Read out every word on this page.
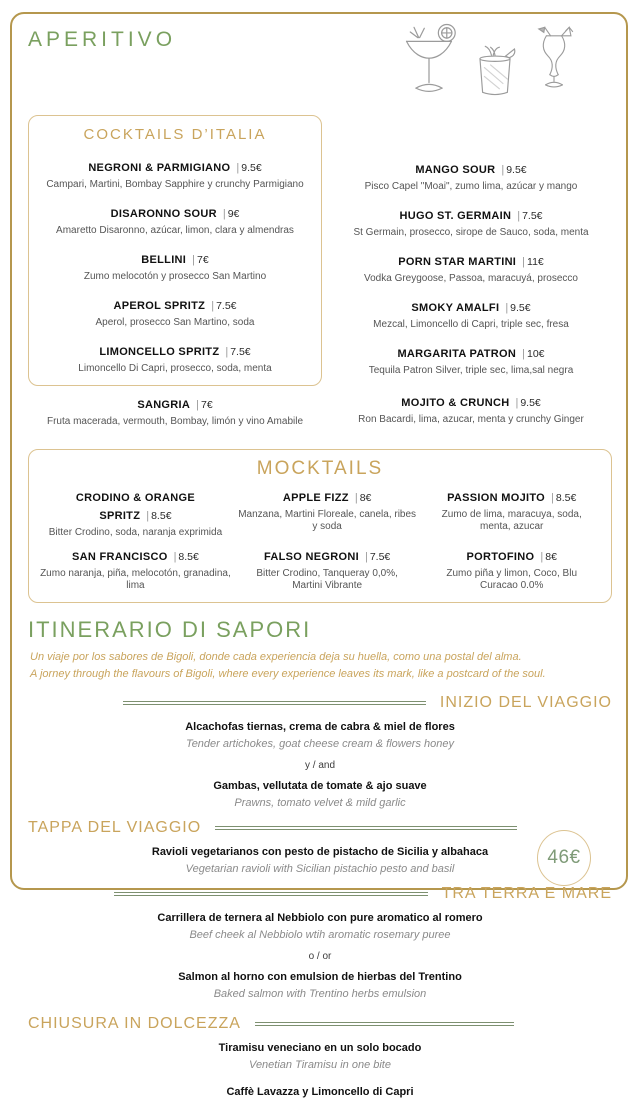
APERITIVO
COCKTAILS D’ITALIA
NEGRONI & PARMIGIANO | 9.5€
Campari, Martini, Bombay Sapphire y crunchy Parmigiano
DISARONNO SOUR | 9€
Amaretto Disaronno, azúcar, limon, clara y almendras
BELLINI | 7€
Zumo melocotón y prosecco San Martino
APEROL SPRITZ | 7.5€
Aperol, prosecco San Martino, soda
LIMONCELLO SPRITZ | 7.5€
Limoncello Di Capri, prosecco, soda, menta
SANGRIA | 7€
Fruta macerada, vermouth, Bombay, limón y vino Amabile
MANGO SOUR | 9.5€
Pisco Capel "Moai", zumo lima, azúcar y mango
HUGO ST. GERMAIN | 7.5€
St Germain, prosecco, sirope de Sauco, soda, menta
PORN STAR MARTINI | 11€
Vodka Greygoose, Passoa, maracuyá, prosecco
SMOKY AMALFI | 9.5€
Mezcal, Limoncello di Capri, triple sec, fresa
MARGARITA PATRON | 10€
Tequila Patron Silver, triple sec, lima,sal negra
MOJITO & CRUNCH | 9.5€
Ron Bacardi, lima, azucar, menta y crunchy Ginger
MOCKTAILS
CRODINO & ORANGE SPRITZ | 8.5€
Bitter Crodino, soda, naranja exprimida
APPLE FIZZ | 8€
Manzana, Martini Floreale, canela, ribes y soda
PASSION MOJITO | 8.5€
Zumo de lima, maracuya, soda, menta, azucar
SAN FRANCISCO | 8.5€
Zumo naranja, piña, melocotón, granadina, lima
FALSO NEGRONI | 7.5€
Bitter Crodino, Tanqueray 0,0%, Martini Vibrante
PORTOFINO | 8€
Zumo piña y limon, Coco, Blu Curacao 0.0%
ITINERARIO DI SAPORI
Un viaje por los sabores de Bigoli, donde cada experiencia deja su huella, como una postal del alma.
A jorney through the flavours of Bigoli, where every experience leaves its mark, like a postcard of the soul.
INIZIO DEL VIAGGIO
Alcachofas tiernas, crema de cabra & miel de flores
Tender artichokes, goat cheese cream & flowers honey
y / and
Gambas, vellutata de tomate & ajo suave
Prawns, tomato velvet & mild garlic
TAPPA DEL VIAGGIO
Ravioli vegetarianos con pesto de pistacho de Sicilia y albahaca
Vegetarian ravioli with Sicilian pistachio pesto and basil
TRA TERRA E MARE
Carrillera de ternera al Nebbiolo con pure aromatico al romero
Beef cheek al Nebbiolo wtih aromatic rosemary puree
o / or
Salmon al horno con emulsion de hierbas del Trentino
Baked salmon with Trentino herbs emulsion
CHIUSURA IN DOLCEZZA
Tiramisu veneciano en un solo bocado
Venetian Tiramisu in one bite
Caffè Lavazza y Limoncello di Capri
46€
